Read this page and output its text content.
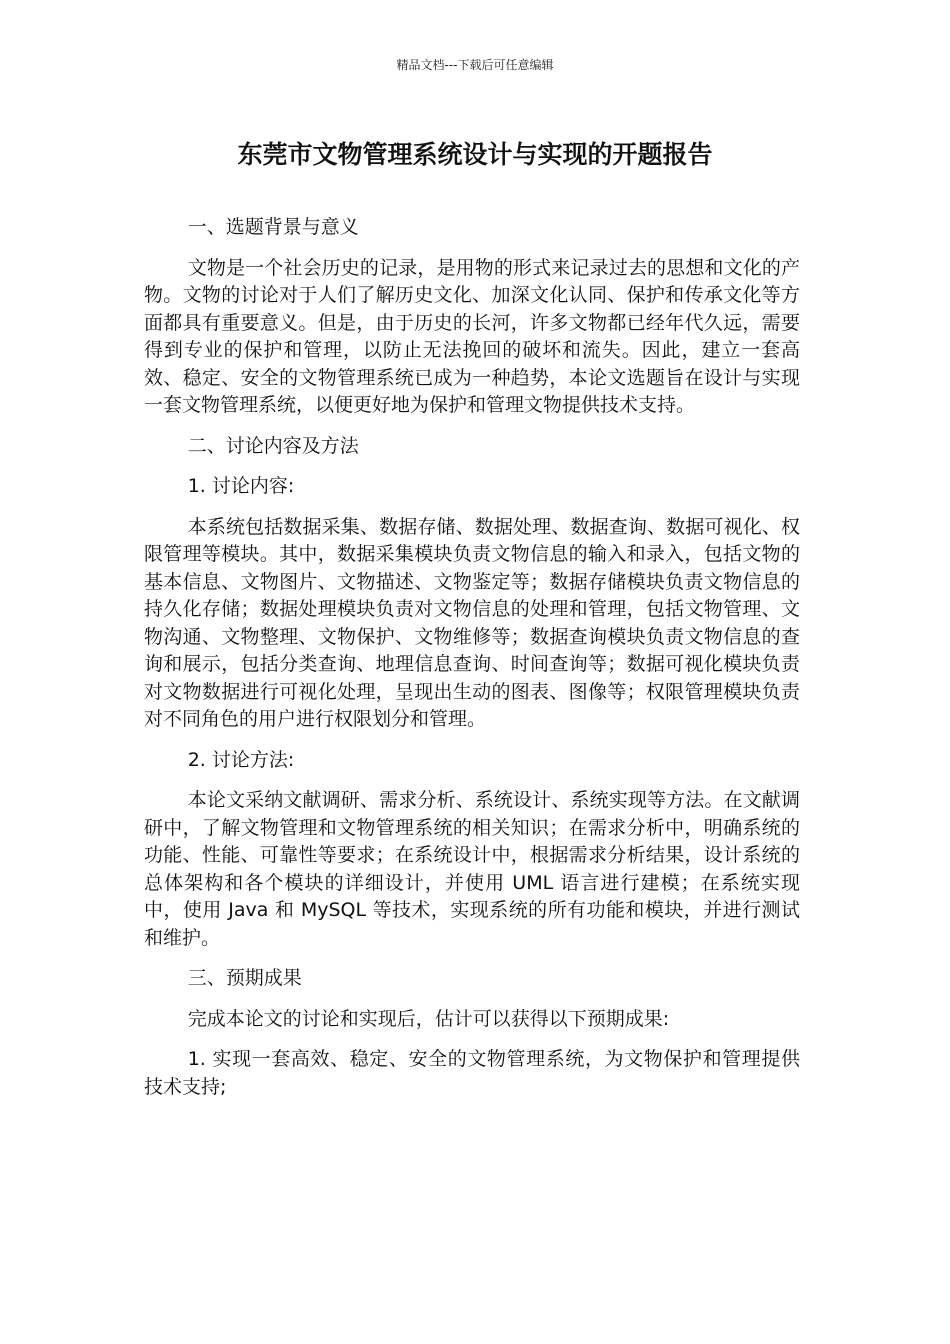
精品文档---下载后可任意编辑
东莞市文物管理系统设计与实现的开题报告

一、选题背景与意义

文物是一个社会历史的记录，是用物的形式来记录过去的思想和文化的产物。文物的讨论对于人们了解历史文化、加深文化认同、保护和传承文化等方面都具有重要意义。但是，由于历史的长河，许多文物都已经年代久远，需要得到专业的保护和管理，以防止无法挽回的破坏和流失。因此，建立一套高效、稳定、安全的文物管理系统已成为一种趋势，本论文选题旨在设计与实现一套文物管理系统，以便更好地为保护和管理文物提供技术支持。

二、讨论内容及方法

1. 讨论内容:

本系统包括数据采集、数据存储、数据处理、数据查询、数据可视化、权限管理等模块。其中，数据采集模块负责文物信息的输入和录入，包括文物的基本信息、文物图片、文物描述、文物鉴定等；数据存储模块负责文物信息的持久化存储；数据处理模块负责对文物信息的处理和管理，包括文物管理、文物沟通、文物整理、文物保护、文物维修等；数据查询模块负责文物信息的查询和展示，包括分类查询、地理信息查询、时间查询等；数据可视化模块负责对文物数据进行可视化处理，呈现出生动的图表、图像等；权限管理模块负责对不同角色的用户进行权限划分和管理。

2. 讨论方法:

本论文采纳文献调研、需求分析、系统设计、系统实现等方法。在文献调研中，了解文物管理和文物管理系统的相关知识；在需求分析中，明确系统的功能、性能、可靠性等要求；在系统设计中，根据需求分析结果，设计系统的总体架构和各个模块的详细设计，并使用 UML 语言进行建模；在系统实现中，使用 Java 和 MySQL 等技术，实现系统的所有功能和模块，并进行测试和维护。

三、预期成果

完成本论文的讨论和实现后，估计可以获得以下预期成果:

1. 实现一套高效、稳定、安全的文物管理系统，为文物保护和管理提供技术支持;
